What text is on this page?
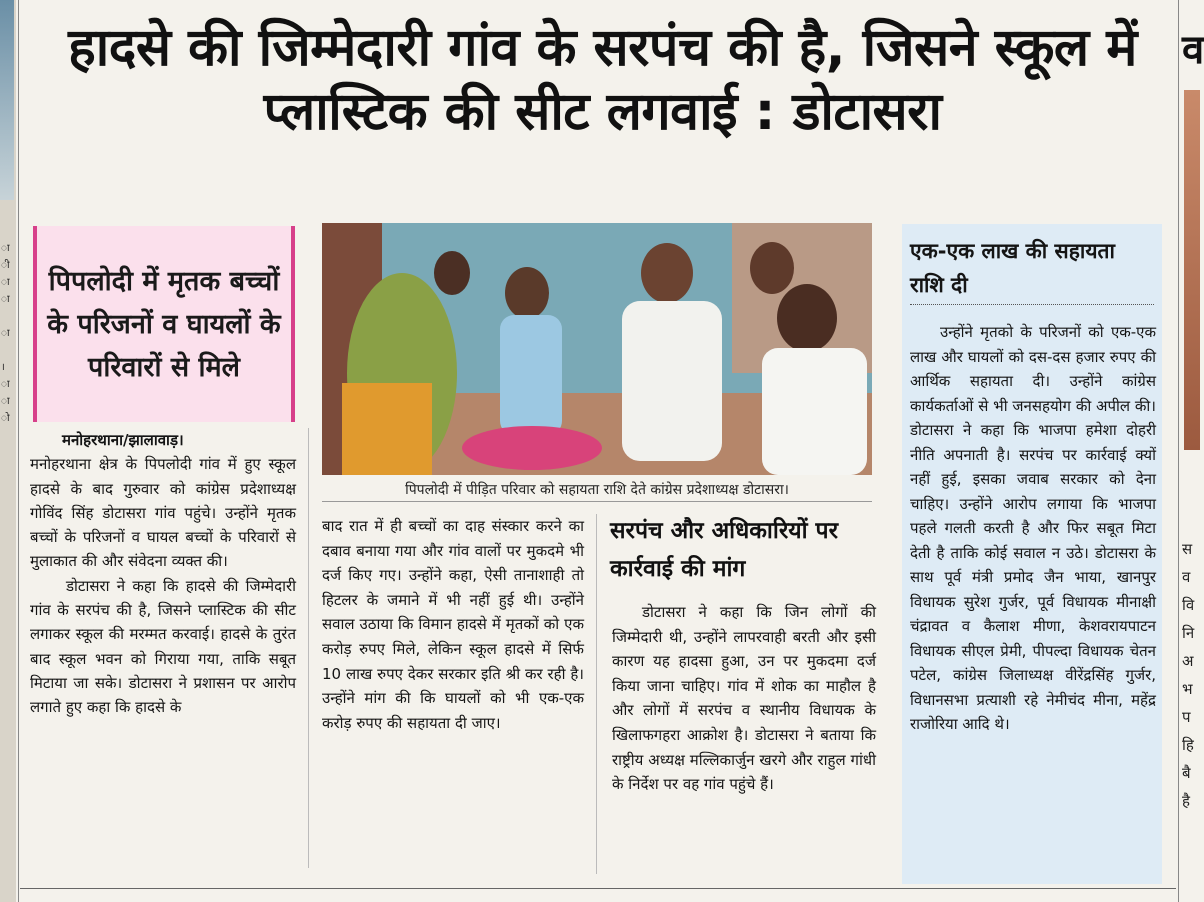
ा
ी
ा
ा

ा

।
ा
ा
ो
हादसे की जिम्मेदारी गांव के सरपंच की है, जिसने स्कूल में प्लास्टिक की सीट लगवाई : डोटासरा
व
स
व
वि
नि
अ
भ
प
हि
बै
है
पिपलोदी में मृतक बच्चों के परिजनों व घायलों के परिवारों से मिले
मनोहरथाना/झालावाड़।

मनोहरथाना क्षेत्र के पिपलोदी गांव में हुए स्कूल हादसे के बाद गुरुवार को कांग्रेस प्रदेशाध्यक्ष गोविंद सिंह डोटासरा गांव पहुंचे। उन्होंने मृतक बच्चों के परिजनों व घायल बच्चों के परिवारों से मुलाकात की और संवेदना व्यक्त की।

डोटासरा ने कहा कि हादसे की जिम्मेदारी गांव के सरपंच की है, जिसने प्लास्टिक की सीट लगाकर स्कूल की मरम्मत करवाई। हादसे के तुरंत बाद स्कूल भवन को गिराया गया, ताकि सबूत मिटाया जा सके। डोटासरा ने प्रशासन पर आरोप लगाते हुए कहा कि हादसे के

पिपलोदी में पीड़ित परिवार को सहायता राशि देते कांग्रेस प्रदेशाध्यक्ष डोटासरा।

बाद रात में ही बच्चों का दाह संस्कार करने का दबाव बनाया गया और गांव वालों पर मुकदमे भी दर्ज किए गए। उन्होंने कहा, ऐसी तानाशाही तो हिटलर के जमाने में भी नहीं हुई थी। उन्होंने सवाल उठाया कि विमान हादसे में मृतकों को एक करोड़ रुपए मिले, लेकिन स्कूल हादसे में सिर्फ 10 लाख रुपए देकर सरकार इति श्री कर रही है। उन्होंने मांग की कि घायलों को भी एक-एक करोड़ रुपए की सहायता दी जाए।

सरपंच और अधिकारियों पर कार्रवाई की मांग

डोटासरा ने कहा कि जिन लोगों की जिम्मेदारी थी, उन्होंने लापरवाही बरती और इसी कारण यह हादसा हुआ, उन पर मुकदमा दर्ज किया जाना चाहिए। गांव में शोक का माहौल है और लोगों में सरपंच व स्थानीय विधायक के खिलाफगहरा आक्रोश है। डोटासरा ने बताया कि राष्ट्रीय अध्यक्ष मल्लिकार्जुन खरगे और राहुल गांधी के निर्देश पर वह गांव पहुंचे हैं।

एक-एक लाख की सहायता राशि दी

उन्होंने मृतको के परिजनों को एक-एक लाख और घायलों को दस-दस हजार रुपए की आर्थिक सहायता दी। उन्होंने कांग्रेस कार्यकर्ताओं से भी जनसहयोग की अपील की। डोटासरा ने कहा कि भाजपा हमेशा दोहरी नीति अपनाती है। सरपंच पर कार्रवाई क्यों नहीं हुई, इसका जवाब सरकार को देना चाहिए। उन्होंने आरोप लगाया कि भाजपा पहले गलती करती है और फिर सबूत मिटा देती है ताकि कोई सवाल न उठे। डोटासरा के साथ पूर्व मंत्री प्रमोद जैन भाया, खानपुर विधायक सुरेश गुर्जर, पूर्व विधायक मीनाक्षी चंद्रावत व कैलाश मीणा, केशवरायपाटन विधायक सीएल प्रेमी, पीपल्दा विधायक चेतन पटेल, कांग्रेस जिलाध्यक्ष वीरेंद्रसिंह गुर्जर, विधानसभा प्रत्याशी रहे नेमीचंद मीना, महेंद्र राजोरिया आदि थे।
